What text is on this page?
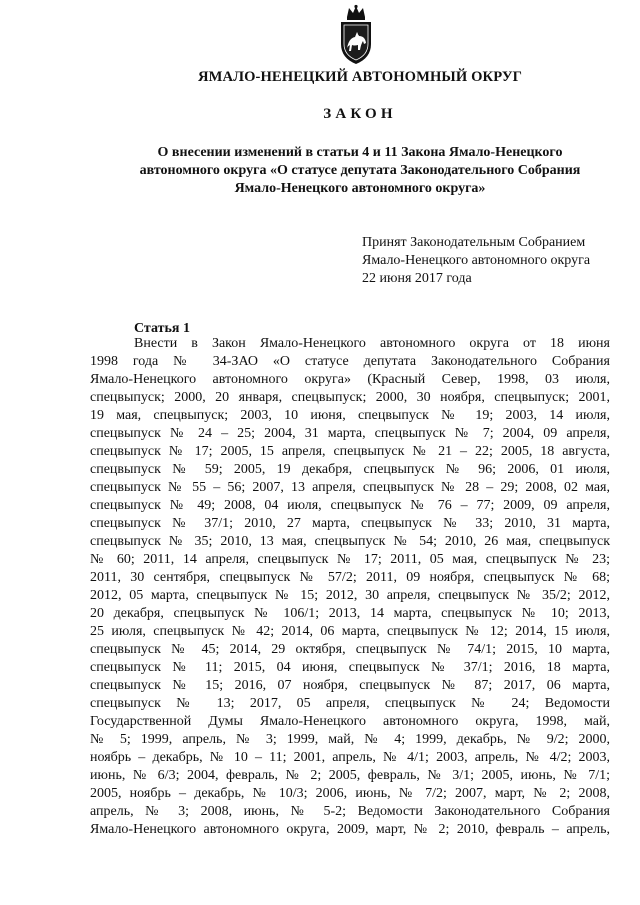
ЯМАЛО-НЕНЕЦКИЙ АВТОНОМНЫЙ ОКРУГ
ЗАКОН
О внесении изменений в статьи 4 и 11 Закона Ямало-Ненецкого
автономного округа «О статусе депутата Законодательного Собрания
Ямало-Ненецкого автономного округа»
Принят Законодательным Собранием
Ямало-Ненецкого автономного округа
22 июня 2017 года
Статья 1
Внести в Закон Ямало-Ненецкого автономного округа от 18 июня
1998 года № 34-ЗАО «О статусе депутата Законодательного Собрания
Ямало-Ненецкого автономного округа» (Красный Север, 1998, 03 июля,
спецвыпуск; 2000, 20 января, спецвыпуск; 2000, 30 ноября, спецвыпуск; 2001,
19 мая, спецвыпуск; 2003, 10 июня, спецвыпуск № 19; 2003, 14 июля,
спецвыпуск № 24 – 25; 2004, 31 марта, спецвыпуск № 7; 2004, 09 апреля,
спецвыпуск № 17; 2005, 15 апреля, спецвыпуск № 21 – 22; 2005, 18 августа,
спецвыпуск № 59; 2005, 19 декабря, спецвыпуск № 96; 2006, 01 июля,
спецвыпуск № 55 – 56; 2007, 13 апреля, спецвыпуск № 28 – 29; 2008, 02 мая,
спецвыпуск № 49; 2008, 04 июля, спецвыпуск № 76 – 77; 2009, 09 апреля,
спецвыпуск № 37/1; 2010, 27 марта, спецвыпуск № 33; 2010, 31 марта,
спецвыпуск № 35; 2010, 13 мая, спецвыпуск № 54; 2010, 26 мая, спецвыпуск
№ 60; 2011, 14 апреля, спецвыпуск № 17; 2011, 05 мая, спецвыпуск № 23;
2011, 30 сентября, спецвыпуск № 57/2; 2011, 09 ноября, спецвыпуск № 68;
2012, 05 марта, спецвыпуск № 15; 2012, 30 апреля, спецвыпуск № 35/2; 2012,
20 декабря, спецвыпуск № 106/1; 2013, 14 марта, спецвыпуск № 10; 2013,
25 июля, спецвыпуск № 42; 2014, 06 марта, спецвыпуск № 12; 2014, 15 июля,
спецвыпуск № 45; 2014, 29 октября, спецвыпуск № 74/1; 2015, 10 марта,
спецвыпуск № 11; 2015, 04 июня, спецвыпуск № 37/1; 2016, 18 марта,
спецвыпуск № 15; 2016, 07 ноября, спецвыпуск № 87; 2017, 06 марта,
спецвыпуск № 13; 2017, 05 апреля, спецвыпуск № 24; Ведомости
Государственной Думы Ямало-Ненецкого автономного округа, 1998, май,
№ 5; 1999, апрель, № 3; 1999, май, № 4; 1999, декабрь, № 9/2; 2000,
ноябрь – декабрь, № 10 – 11; 2001, апрель, № 4/1; 2003, апрель, № 4/2; 2003,
июнь, № 6/3; 2004, февраль, № 2; 2005, февраль, № 3/1; 2005, июнь, № 7/1;
2005, ноябрь – декабрь, № 10/3; 2006, июнь, № 7/2; 2007, март, № 2; 2008,
апрель, № 3; 2008, июнь, № 5-2; Ведомости Законодательного Собрания
Ямало-Ненецкого автономного округа, 2009, март, № 2; 2010, февраль – апрель,
